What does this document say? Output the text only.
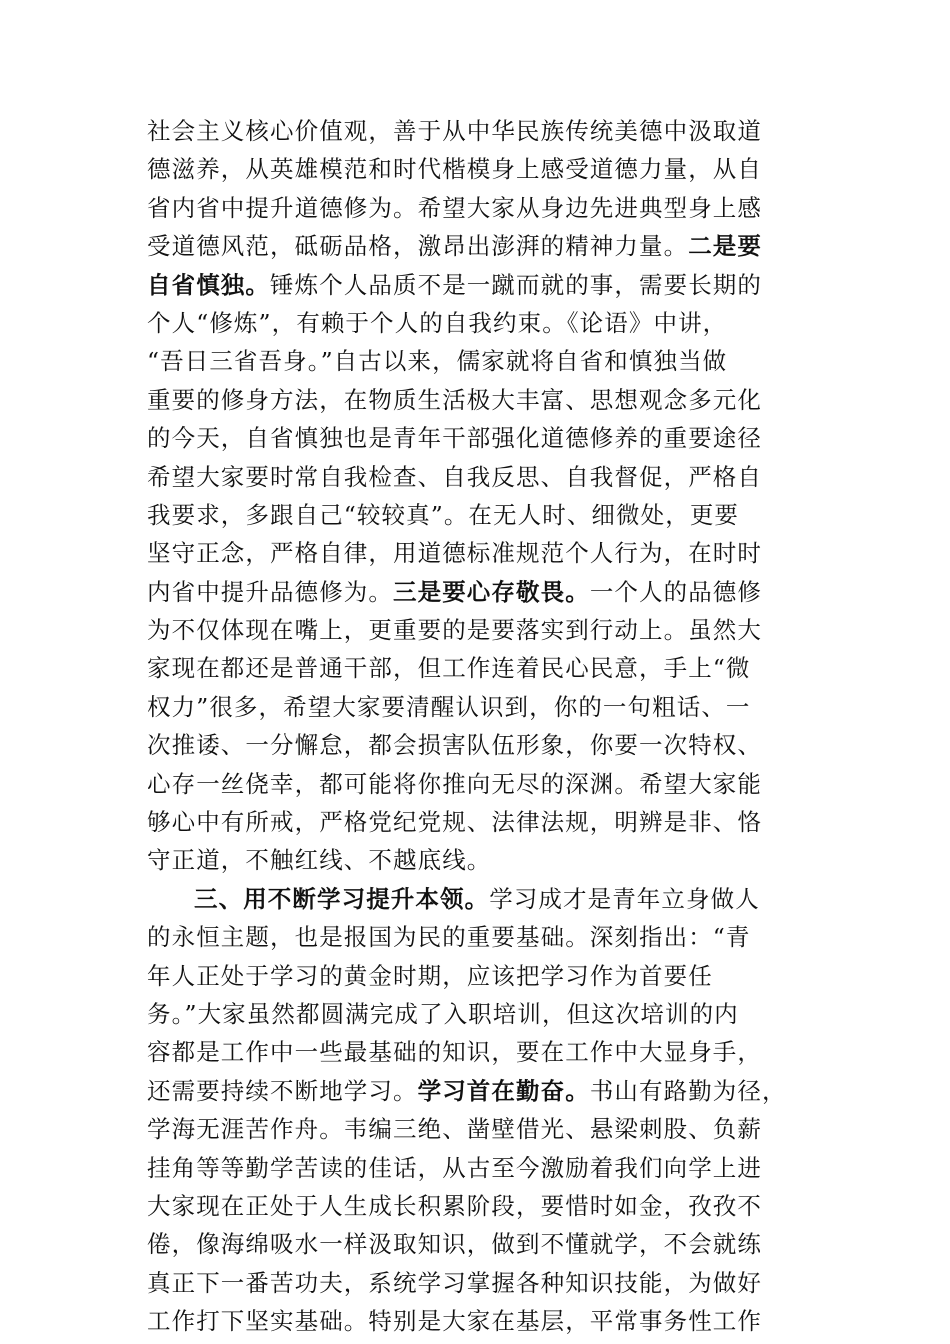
社会主义核心价值观，善于从中华民族传统美德中汲取道
德滋养，从英雄模范和时代楷模身上感受道德力量，从自
省内省中提升道德修为。希望大家从身边先进典型身上感
受道德风范，砥砺品格，激昂出澎湃的精神力量。二是要
自省慎独。锤炼个人品质不是一蹴而就的事，需要长期的
个人“修炼”，有赖于个人的自我约束。《论语》中讲，
“吾日三省吾身。”自古以来，儒家就将自省和慎独当做
重要的修身方法，在物质生活极大丰富、思想观念多元化
的今天，自省慎独也是青年干部强化道德修养的重要途径
希望大家要时常自我检查、自我反思、自我督促，严格自
我要求，多跟自己“较较真”。在无人时、细微处，更要
坚守正念，严格自律，用道德标准规范个人行为，在时时
内省中提升品德修为。三是要心存敬畏。一个人的品德修
为不仅体现在嘴上，更重要的是要落实到行动上。虽然大
家现在都还是普通干部，但工作连着民心民意，手上“微
权力”很多，希望大家要清醒认识到，你的一句粗话、一
次推诿、一分懈怠，都会损害队伍形象，你要一次特权、
心存一丝侥幸，都可能将你推向无尽的深渊。希望大家能
够心中有所戒，严格党纪党规、法律法规，明辨是非、恪
守正道，不触红线、不越底线。
三、用不断学习提升本领。学习成才是青年立身做人
的永恒主题，也是报国为民的重要基础。深刻指出：“青
年人正处于学习的黄金时期，应该把学习作为首要任
务。”大家虽然都圆满完成了入职培训，但这次培训的内
容都是工作中一些最基础的知识，要在工作中大显身手，
还需要持续不断地学习。学习首在勤奋。书山有路勤为径，
学海无涯苦作舟。韦编三绝、凿壁借光、悬梁刺股、负薪
挂角等等勤学苦读的佳话，从古至今激励着我们向学上进
大家现在正处于人生成长积累阶段，要惜时如金，孜孜不
倦，像海绵吸水一样汲取知识，做到不懂就学，不会就练
真正下一番苦功夫，系统学习掌握各种知识技能，为做好
工作打下坚实基础。特别是大家在基层，平常事务性工作
